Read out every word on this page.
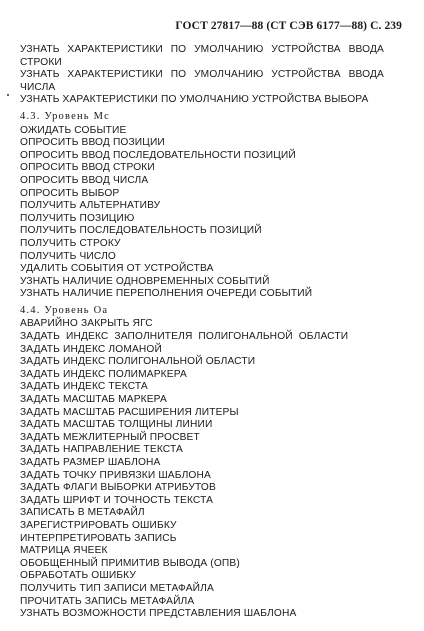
ГОСТ 27817—88 (СТ СЭВ 6177—88) С. 239
УЗНАТЬ ХАРАКТЕРИСТИКИ ПО УМОЛЧАНИЮ УСТРОЙСТВА ВВОДА
СТРОКИ
УЗНАТЬ ХАРАКТЕРИСТИКИ ПО УМОЛЧАНИЮ УСТРОЙСТВА ВВОДА
ЧИСЛА
УЗНАТЬ ХАРАКТЕРИСТИКИ ПО УМОЛЧАНИЮ УСТРОЙСТВА ВЫБОРА
4.3. Уровень Мс
ОЖИДАТЬ СОБЫТИЕ
ОПРОСИТЬ ВВОД ПОЗИЦИИ
ОПРОСИТЬ ВВОД ПОСЛЕДОВАТЕЛЬНОСТИ ПОЗИЦИЙ
ОПРОСИТЬ ВВОД СТРОКИ
ОПРОСИТЬ ВВОД ЧИСЛА
ОПРОСИТЬ ВЫБОР
ПОЛУЧИТЬ АЛЬТЕРНАТИВУ
ПОЛУЧИТЬ ПОЗИЦИЮ
ПОЛУЧИТЬ ПОСЛЕДОВАТЕЛЬНОСТЬ ПОЗИЦИЙ
ПОЛУЧИТЬ СТРОКУ
ПОЛУЧИТЬ ЧИСЛО
УДАЛИТЬ СОБЫТИЯ ОТ УСТРОЙСТВА
УЗНАТЬ НАЛИЧИЕ ОДНОВРЕМЕННЫХ СОБЫТИЙ
УЗНАТЬ НАЛИЧИЕ ПЕРЕПОЛНЕНИЯ ОЧЕРЕДИ СОБЫТИЙ
4.4. Уровень Оа
АВАРИЙНО ЗАКРЫТЬ ЯГС
ЗАДАТЬ ИНДЕКС ЗАПОЛНИТЕЛЯ ПОЛИГОНАЛЬНОЙ ОБЛАСТИ
ЗАДАТЬ ИНДЕКС ЛОМАНОЙ
ЗАДАТЬ ИНДЕКС ПОЛИГОНАЛЬНОЙ ОБЛАСТИ
ЗАДАТЬ ИНДЕКС ПОЛИМАРКЕРА
ЗАДАТЬ ИНДЕКС ТЕКСТА
ЗАДАТЬ МАСШТАБ МАРКЕРА
ЗАДАТЬ МАСШТАБ РАСШИРЕНИЯ ЛИТЕРЫ
ЗАДАТЬ МАСШТАБ ТОЛЩИНЫ ЛИНИИ
ЗАДАТЬ МЕЖЛИТЕРНЫЙ ПРОСВЕТ
ЗАДАТЬ НАПРАВЛЕНИЕ ТЕКСТА
ЗАДАТЬ РАЗМЕР ШАБЛОНА
ЗАДАТЬ ТОЧКУ ПРИВЯЗКИ ШАБЛОНА
ЗАДАТЬ ФЛАГИ ВЫБОРКИ АТРИБУТОВ
ЗАДАТЬ ШРИФТ И ТОЧНОСТЬ ТЕКСТА
ЗАПИСАТЬ В МЕТАФАЙЛ
ЗАРЕГИСТРИРОВАТЬ ОШИБКУ
ИНТЕРПРЕТИРОВАТЬ ЗАПИСЬ
МАТРИЦА ЯЧЕЕК
ОБОБЩЕННЫЙ ПРИМИТИВ ВЫВОДА (ОПВ)
ОБРАБОТАТЬ ОШИБКУ
ПОЛУЧИТЬ ТИП ЗАПИСИ МЕТАФАЙЛА
ПРОЧИТАТЬ ЗАПИСЬ МЕТАФАЙЛА
УЗНАТЬ ВОЗМОЖНОСТИ ПРЕДСТАВЛЕНИЯ ШАБЛОНА
